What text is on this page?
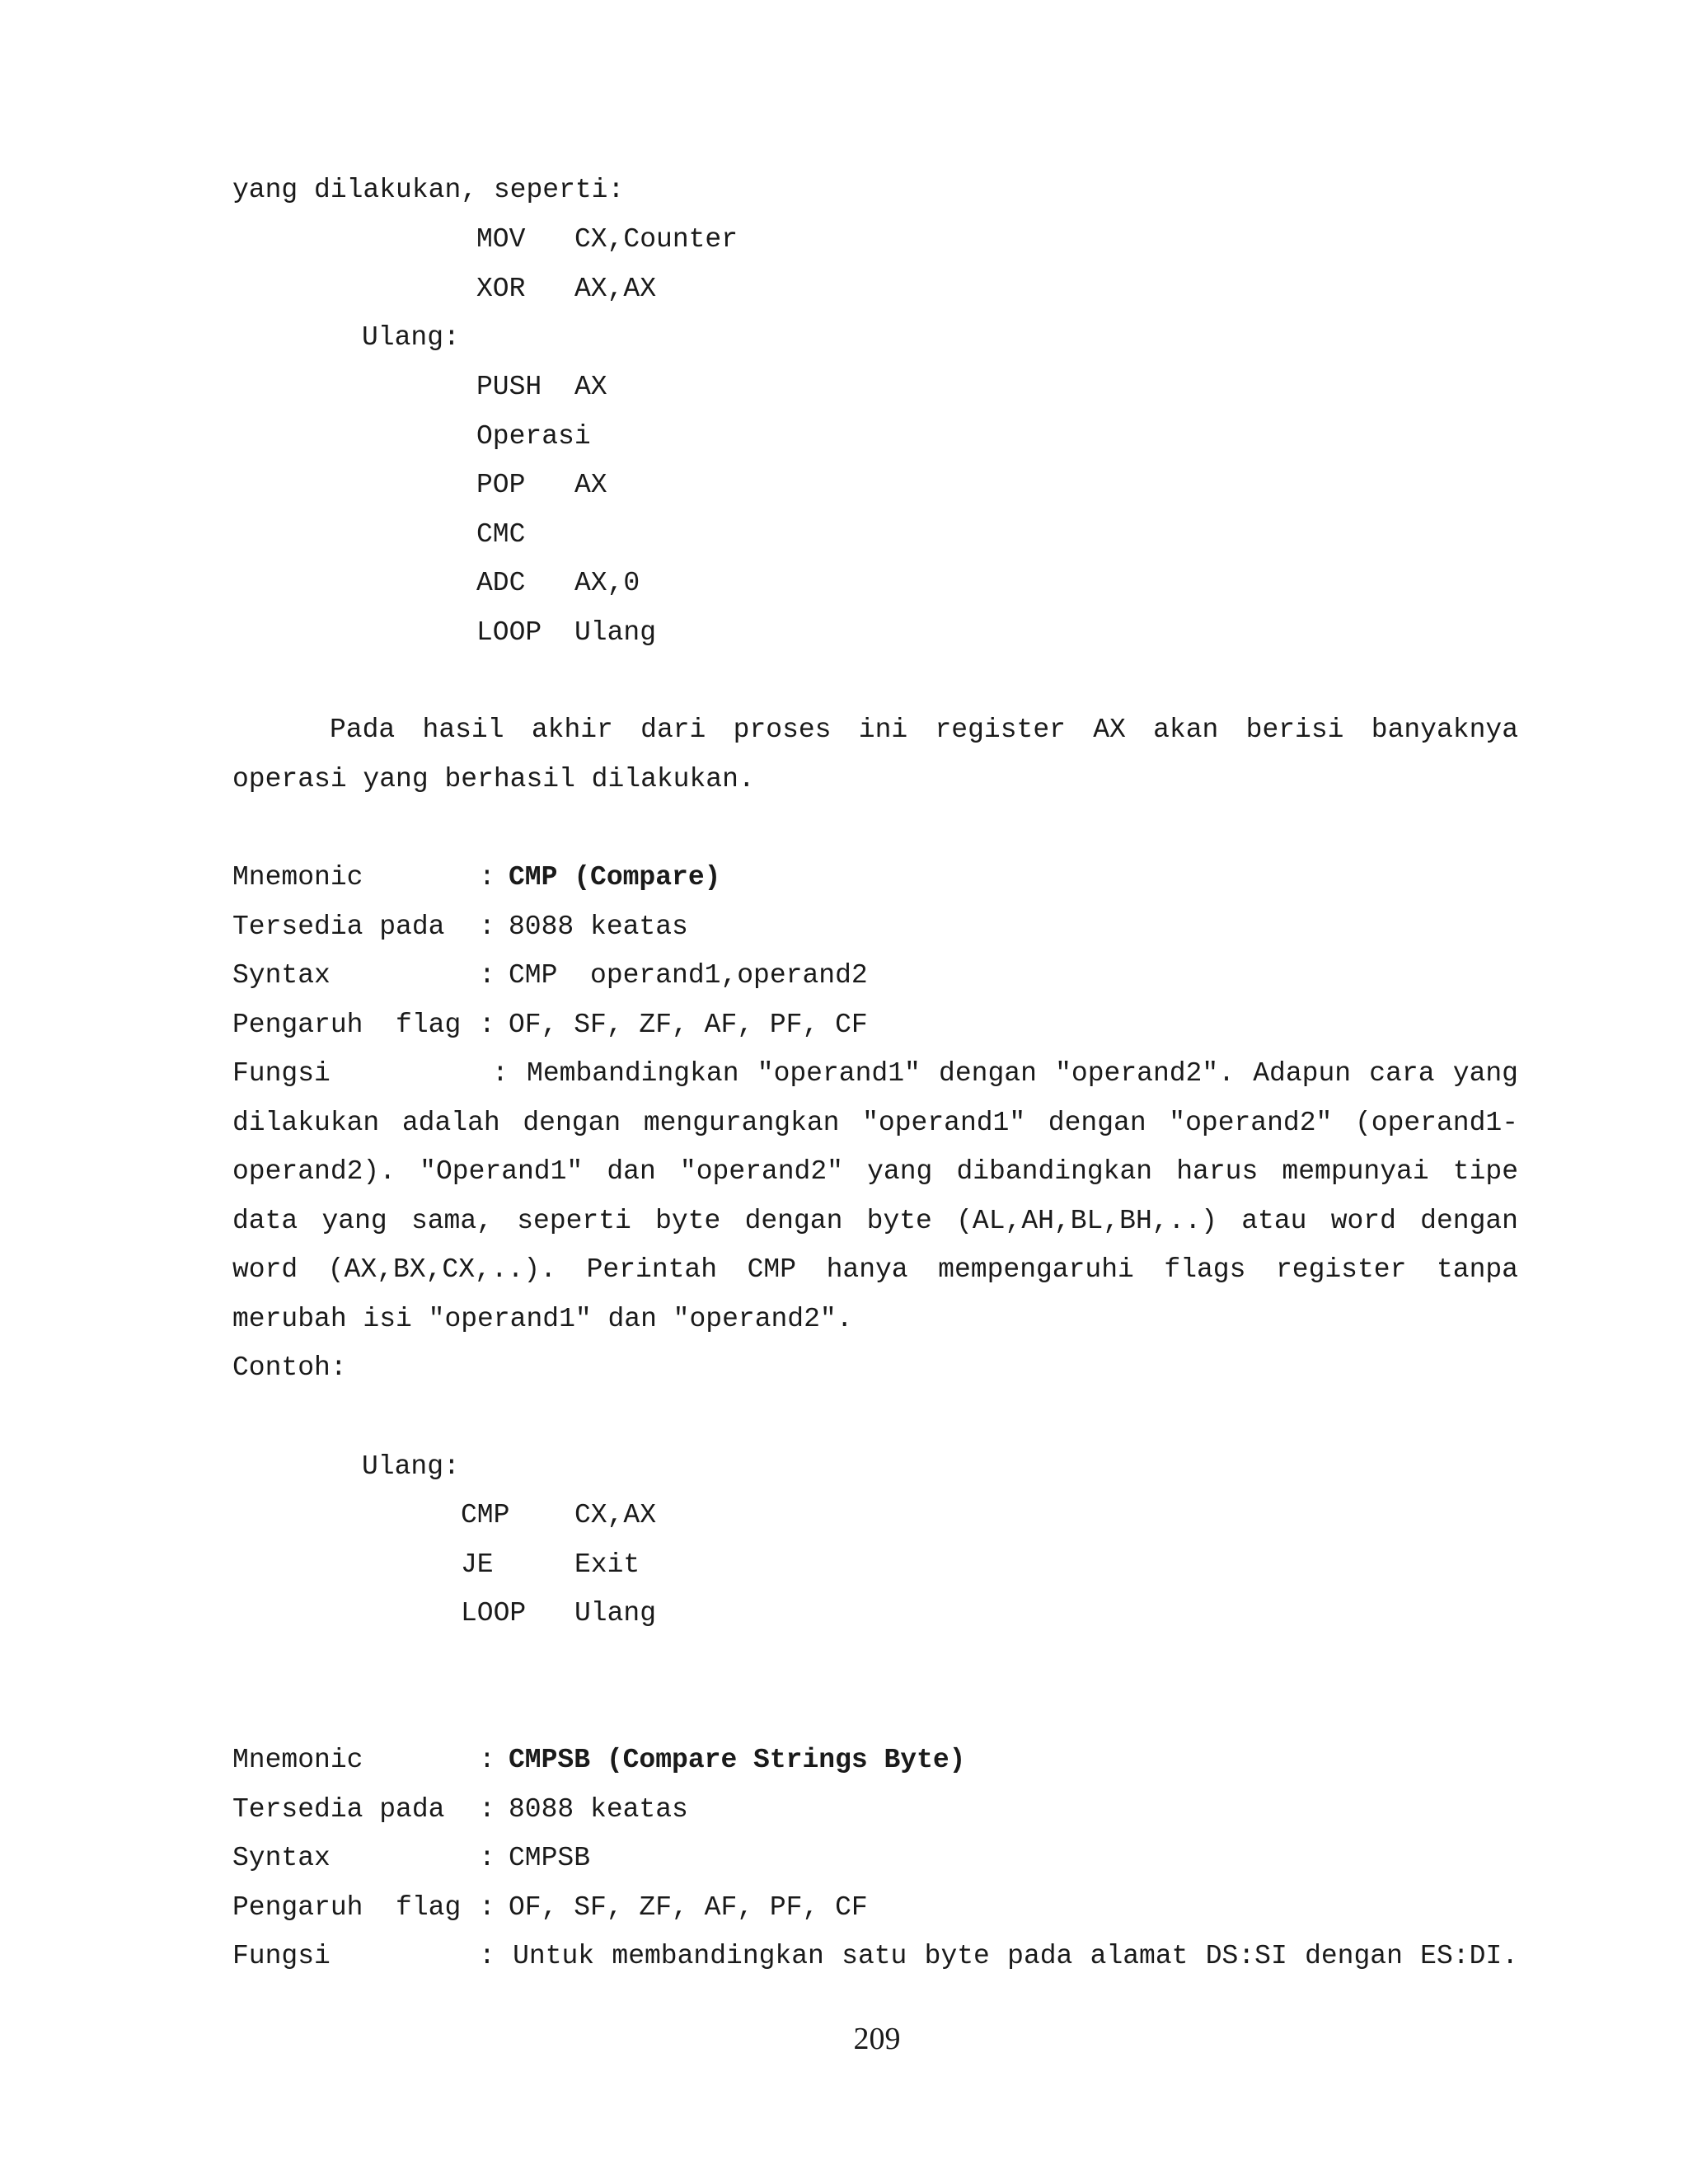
yang dilakukan, seperti:
MOV CX,Counter
XOR AX,AX
Ulang:
PUSH AX
Operasi
POP AX
CMC
ADC AX,0
LOOP Ulang
Pada hasil akhir dari proses ini register AX akan berisi banyaknya
operasi yang berhasil dilakukan.
Mnemonic	: CMP (Compare)
Tersedia pada : 8088 keatas
Syntax	: CMP  operand1,operand2
Pengaruh  flag : OF, SF, ZF, AF, PF, CF
Fungsi	: Membandingkan "operand1" dengan "operand2". Adapun cara yang
dilakukan adalah dengan mengurangkan "operand1" dengan "operand2" (operand1-
operand2). "Operand1" dan "operand2" yang dibandingkan harus mempunyai tipe
data yang sama, seperti byte dengan byte (AL,AH,BL,BH,..) atau word dengan
word (AX,BX,CX,..). Perintah CMP hanya mempengaruhi flags register tanpa
merubah isi "operand1" dan "operand2".
Contoh:
Ulang:
CMP CX,AX
JE	Exit
LOOP Ulang
Mnemonic	: CMPSB (Compare Strings Byte)
Tersedia pada : 8088 keatas
Syntax	: CMPSB
Pengaruh  flag : OF, SF, ZF, AF, PF, CF
Fungsi	: Untuk membandingkan satu byte pada alamat DS:SI dengan ES:DI.
209
